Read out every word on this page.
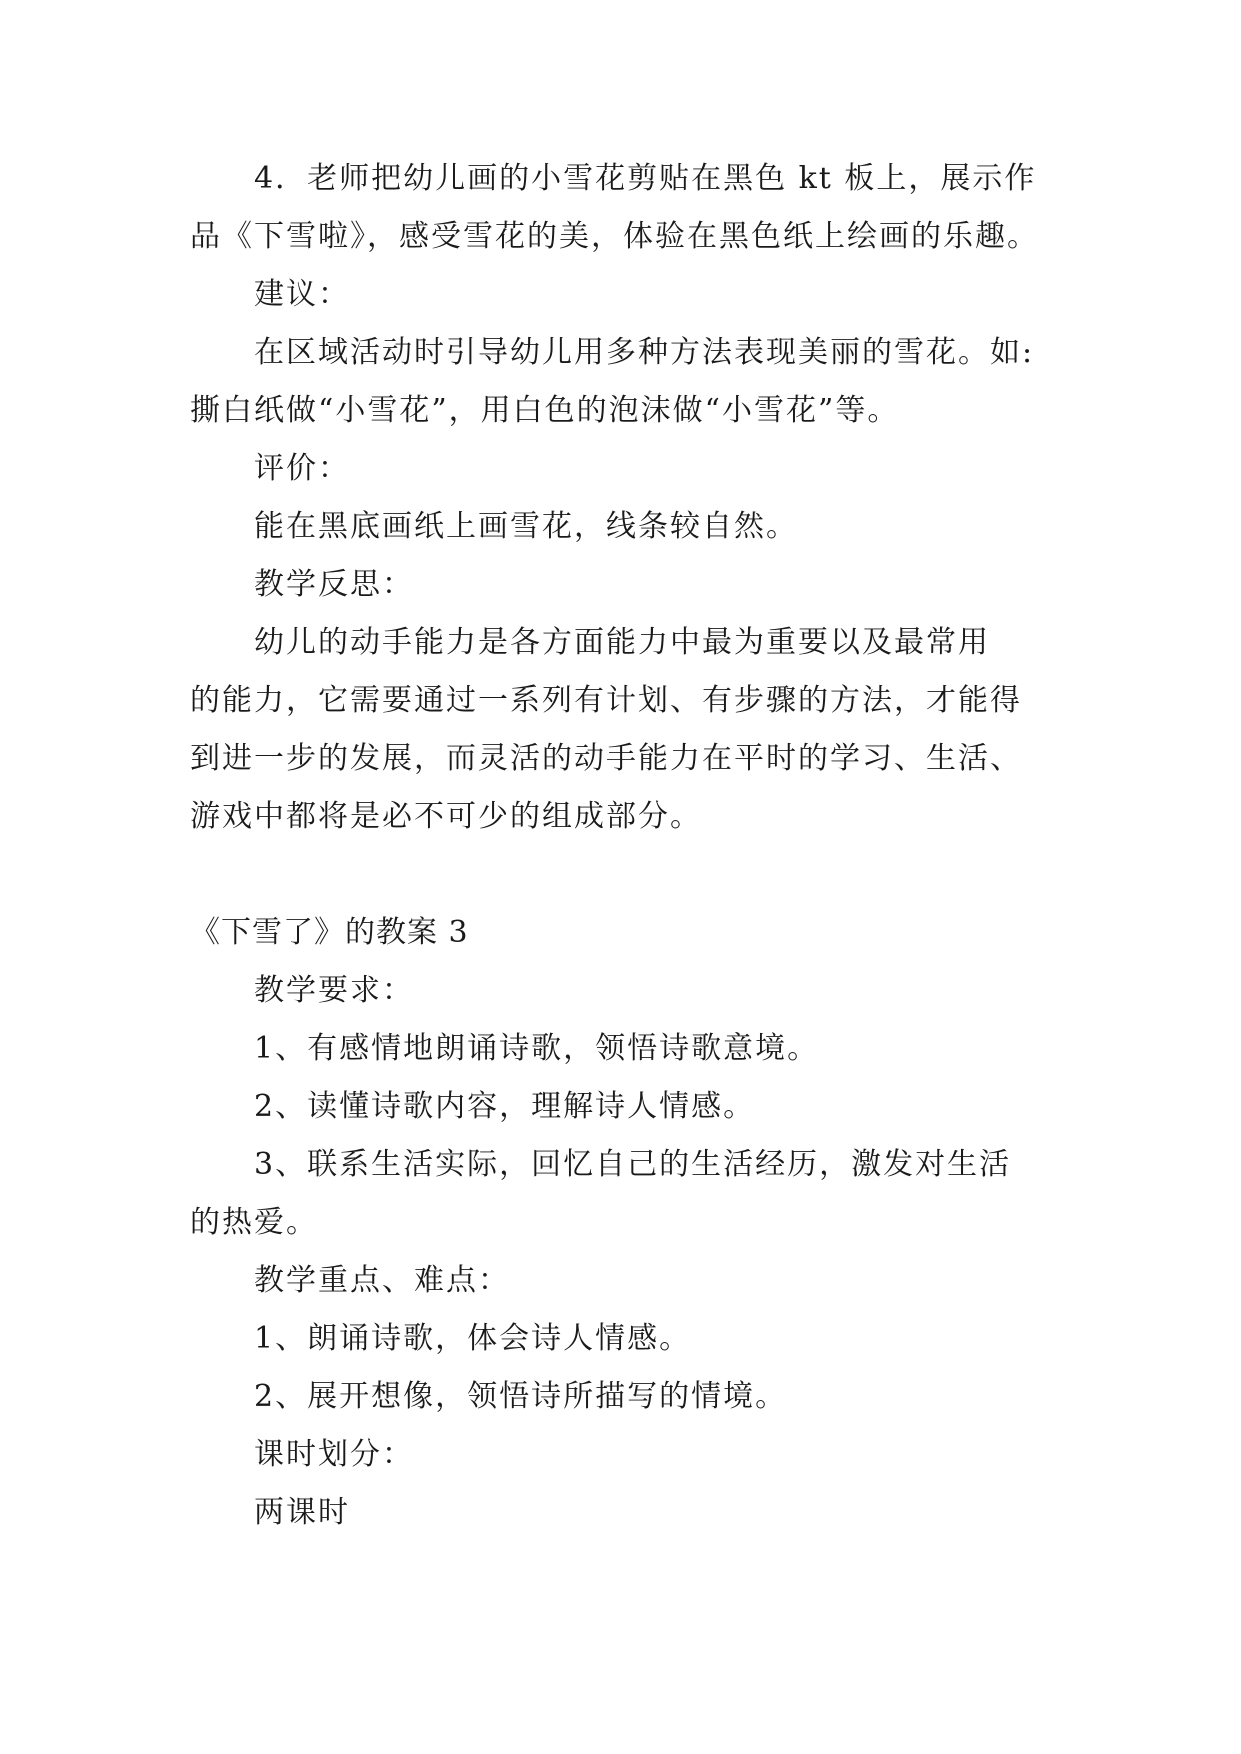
4．老师把幼儿画的小雪花剪贴在黑色 kt 板上，展示作
品《下雪啦》，感受雪花的美，体验在黑色纸上绘画的乐趣。
建议：
在区域活动时引导幼儿用多种方法表现美丽的雪花。如:
撕白纸做“小雪花”，用白色的泡沫做“小雪花”等。
评价：
能在黑底画纸上画雪花，线条较自然。
教学反思：
幼儿的动手能力是各方面能力中最为重要以及最常用
的能力，它需要通过一系列有计划、有步骤的方法，才能得
到进一步的发展，而灵活的动手能力在平时的学习、生活、
游戏中都将是必不可少的组成部分。
《下雪了》的教案 3
教学要求：
1、有感情地朗诵诗歌，领悟诗歌意境。
2、读懂诗歌内容，理解诗人情感。
3、联系生活实际，回忆自己的生活经历，激发对生活
的热爱。
教学重点、难点：
1、朗诵诗歌，体会诗人情感。
2、展开想像，领悟诗所描写的情境。
课时划分：
两课时
